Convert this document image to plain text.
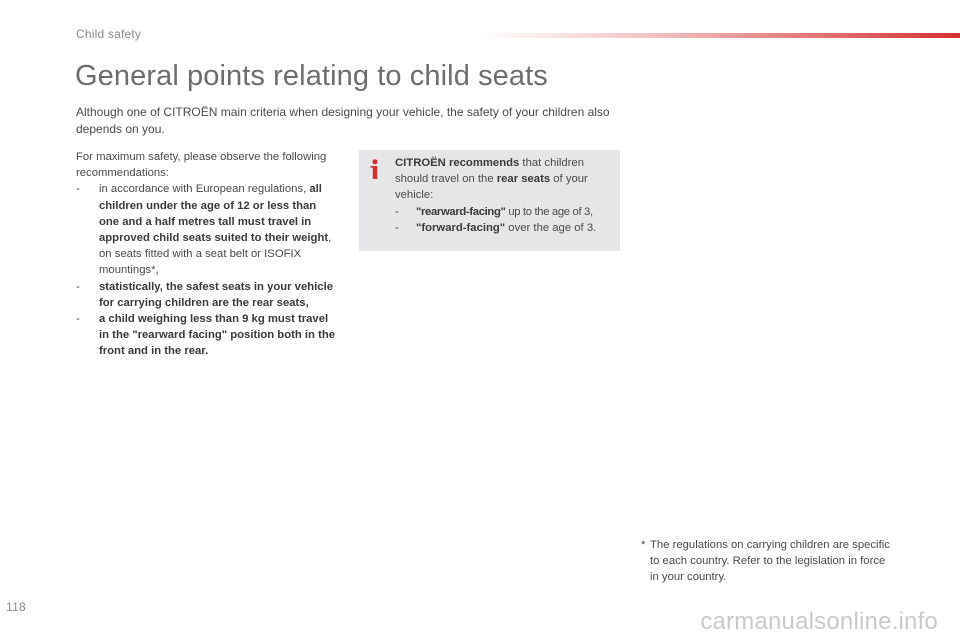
Child safety
General points relating to child seats

Although one of CITROËN main criteria when designing your vehicle, the safety of your children also depends on you.

For maximum safety, please observe the following recommendations:

- in accordance with European regulations, all children under the age of 12 or less than one and a half metres tall must travel in approved child seats suited to their weight, on seats fitted with a seat belt or ISOFIX mountings*,
- statistically, the safest seats in your vehicle for carrying children are the rear seats,
- a child weighing less than 9 kg must travel in the "rearward facing" position both in the front and in the rear.

CITROËN recommends that children should travel on the rear seats of your vehicle:

- "rearward-facing" up to the age of 3,
- "forward-facing" over the age of 3.
* The regulations on carrying children are specific to each country. Refer to the legislation in force in your country.
118
carmanualsonline.info
